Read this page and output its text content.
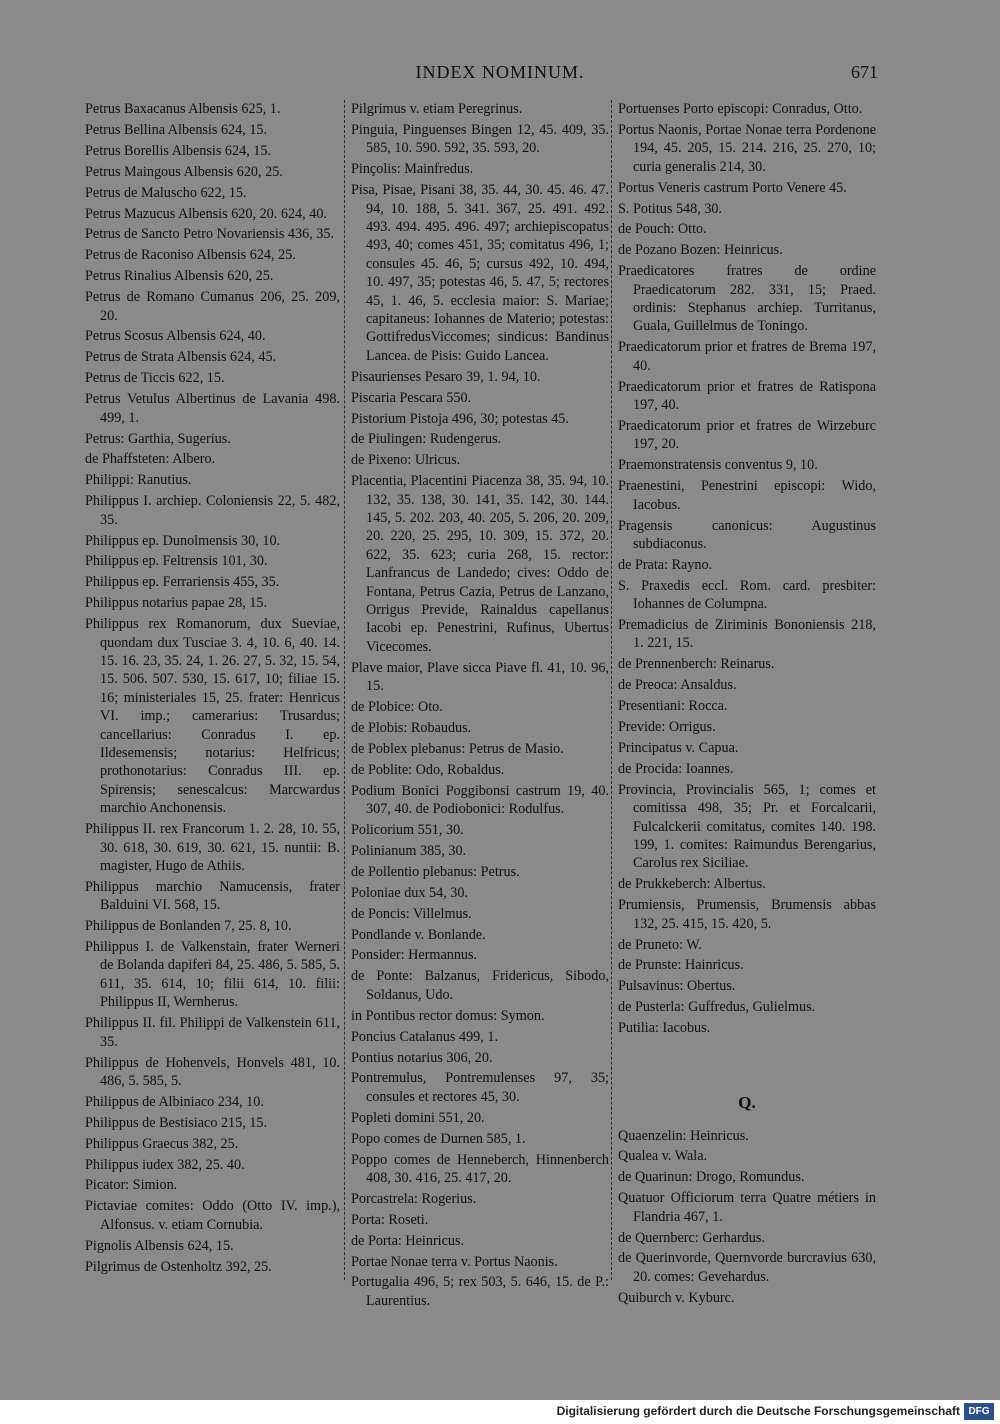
INDEX NOMINUM.	671
Petrus Baxacanus Albensis 625, 1.
Petrus Bellina Albensis 624, 15.
Petrus Borellis Albensis 624, 15.
Petrus Maingous Albensis 620, 25.
Petrus de Maluscho 622, 15.
Petrus Mazucus Albensis 620, 20. 624, 40.
Petrus de Sancto Petro Novariensis 436, 35.
Petrus de Raconiso Albensis 624, 25.
Petrus Rinalius Albensis 620, 25.
Petrus de Romano Cumanus 206, 25. 209, 20.
Petrus Scosus Albensis 624, 40.
Petrus de Strata Albensis 624, 45.
Petrus de Ticcis 622, 15.
Petrus Vetulus Albertinus de Lavania 498. 499, 1.
Petrus: Garthia, Sugerius.
de Phaffsteten: Albero.
Philippi: Ranutius.
Philippus I. archiep. Coloniensis 22, 5. 482, 35.
Philippus ep. Dunolmensis 30, 10.
Philippus ep. Feltrensis 101, 30.
Philippus ep. Ferrariensis 455, 35.
Philippus notarius papae 28, 15.
Philippus rex Romanorum, dux Sueviae, quondam dux Tusciae 3. 4, 10. 6, 40. 14. 15. 16. 23, 35. 24, 1. 26. 27, 5. 32, 15. 54, 15. 506. 507. 530, 15. 617, 10; filiae 15. 16; ministeriales 15, 25. frater: Henricus VI. imp.; camerarius: Trusardus; cancellarius: Conradus I. ep. Ildesemensis; notarius: Helfricus; prothonotarius: Conradus III. ep. Spirensis; senescalcus: Marcwardus marchio Anchonensis.
Philippus II. rex Francorum 1. 2. 28, 10. 55, 30. 618, 30. 619, 30. 621, 15. nuntii: B. magister, Hugo de Athiis.
Philippus marchio Namucensis, frater Balduini VI. 568, 15.
Philippus de Bonlanden 7, 25. 8, 10.
Philippus I. de Valkenstain, frater Werneri de Bolanda dapiferi 84, 25. 486, 5. 585, 5. 611, 35. 614, 10; filii 614, 10. filii: Philippus II, Wernherus.
Philippus II. fil. Philippi de Valkenstein 611, 35.
Philippus de Hohenvels, Honvels 481, 10. 486, 5. 585, 5.
Philippus de Albiniaco 234, 10.
Philippus de Bestisiaco 215, 15.
Philippus Graecus 382, 25.
Philippus iudex 382, 25. 40.
Picator: Simion.
Pictaviae comites: Oddo (Otto IV. imp.), Alfonsus. v. etiam Cornubia.
Pignolis Albensis 624, 15.
Pilgrimus de Ostenholtz 392, 25.
Pilgrimus v. etiam Peregrinus.
Pinguia, Pinguenses Bingen 12, 45. 409, 35. 585, 10. 590. 592, 35. 593, 20.
Pinçolis: Mainfredus.
Pisa, Pisae, Pisani 38, 35. 44, 30. 45. 46. 47. 94, 10. 188, 5. 341. 367, 25. 491. 492. 493. 494. 495. 496. 497; archiepiscopatus 493, 40; comes 451, 35; comitatus 496, 1; consules 45. 46, 5; cursus 492, 10. 494, 10. 497, 35; potestas 46, 5. 47, 5; rectores 45, 1. 46, 5. ecclesia maior: S. Mariae; capitaneus: Iohannes de Materio; potestas: GottifredusViccomes; sindicus: Bandinus Lancea. de Pisis: Guido Lancea.
Pisaurienses Pesaro 39, 1. 94, 10.
Piscaria Pescara 550.
Pistorium Pistoja 496, 30; potestas 45.
de Piulingen: Rudengerus.
de Pixeno: Ulricus.
Placentia, Placentini Piacenza 38, 35. 94, 10. 132, 35. 138, 30. 141, 35. 142, 30. 144. 145, 5. 202. 203, 40. 205, 5. 206, 20. 209, 20. 220, 25. 295, 10. 309, 15. 372, 20. 622, 35. 623; curia 268, 15. rector: Lanfrancus de Landedo; cives: Oddo de Fontana, Petrus Cazia, Petrus de Lanzano, Orrigus Previde, Rainaldus capellanus Iacobi ep. Penestrini, Rufinus, Ubertus Vicecomes.
Plave maior, Plave sicca Piave fl. 41, 10. 96, 15.
de Plobice: Oto.
de Plobis: Robaudus.
de Poblex plebanus: Petrus de Masio.
de Poblite: Odo, Robaldus.
Podium Bonici Poggibonsi castrum 19, 40. 307, 40. de Podiobonici: Rodulfus.
Policorium 551, 30.
Polinianum 385, 30.
de Pollentio plebanus: Petrus.
Poloniae dux 54, 30.
de Poncis: Villelmus.
Pondlande v. Bonlande.
Ponsider: Hermannus.
de Ponte: Balzanus, Fridericus, Sibodo, Soldanus, Udo.
in Pontibus rector domus: Symon.
Poncius Catalanus 499, 1.
Pontius notarius 306, 20.
Pontremulus, Pontremulenses 97, 35; consules et rectores 45, 30.
Popleti domini 551, 20.
Popo comes de Durnen 585, 1.
Poppo comes de Henneberch, Hinnenberch 408, 30. 416, 25. 417, 20.
Porcastrela: Rogerius.
Porta: Roseti.
de Porta: Heinricus.
Portae Nonae terra v. Portus Naonis.
Portugalia 496, 5; rex 503, 5. 646, 15. de P.: Laurentius.
Portuenses Porto episcopi: Conradus, Otto.
Portus Naonis, Portae Nonae terra Pordenone 194, 45. 205, 15. 214. 216, 25. 270, 10; curia generalis 214, 30.
Portus Veneris castrum Porto Venere 45.
S. Potitus 548, 30.
de Pouch: Otto.
de Pozano Bozen: Heinricus.
Praedicatores fratres de ordine Praedicatorum 282. 331, 15; Praed. ordinis: Stephanus archiep. Turritanus, Guala, Guillelmus de Toningo.
Praedicatorum prior et fratres de Brema 197, 40.
Praedicatorum prior et fratres de Ratispona 197, 40.
Praedicatorum prior et fratres de Wirzeburc 197, 20.
Praemonstratensis conventus 9, 10.
Praenestini, Penestrini episcopi: Wido, Iacobus.
Pragensis canonicus: Augustinus subdiaconus.
de Prata: Rayno.
S. Praxedis eccl. Rom. card. presbiter: Iohannes de Columpna.
Premadicius de Ziriminis Bononiensis 218, 1. 221, 15.
de Prennenberch: Reinarus.
de Preoca: Ansaldus.
Presentiani: Rocca.
Previde: Orrigus.
Principatus v. Capua.
de Procida: Ioannes.
Provincia, Provincialis 565, 1; comes et comitissa 498, 35; Pr. et Forcalcarii, Fulcalckerii comitatus, comites 140. 198. 199, 1. comites: Raimundus Berengarius, Carolus rex Siciliae.
de Prukkeberch: Albertus.
Prumiensis, Prumensis, Brumensis abbas 132, 25. 415, 15. 420, 5.
de Pruneto: W.
de Prunste: Hainricus.
Pulsavinus: Obertus.
de Pusterla: Guffredus, Gulielmus.
Putilia: Iacobus.
Q.
Quaenzelin: Heinricus.
Qualea v. Wala.
de Quarinun: Drogo, Romundus.
Quatuor Officiorum terra Quatre métiers in Flandria 467, 1.
de Quernberc: Gerhardus.
de Querinvorde, Quernvorde burcravius 630, 20. comes: Gevehardus.
Quiburch v. Kyburc.
Digitalisierung gefördert durch die Deutsche Forschungsgemeinschaft DFG
